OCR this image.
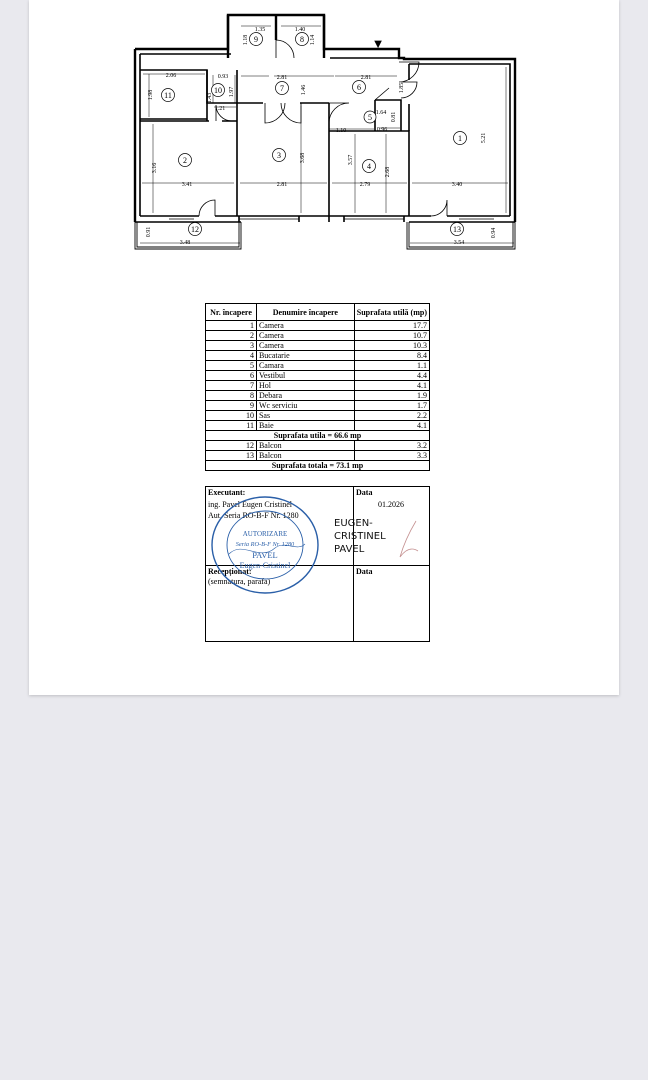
▼
1
2
3
4
5
6
7
8
9
10
11
12	13
1.35	1.40
2.06	0.93	2.81	2.81
1.21
1.64
1.10	0.96
3.41	2.81	2.79	3.40
3.48	3.54
1.18	1.14
1.98	1.43
1.97	1.46	1.85
0.81
5.21
3.16
3.68	3.57
2.68
0.91	0.94
Nr. încapere	Denumire încapere	Suprafata utilă (mp)
1	Camera	17.7
2	Camera	10.7
3	Camera	10.3
4	Bucatarie	8.4
5	Camara	1.1
6	Vestibul	4.4
7	Hol	4.1
8	Debara	1.9
9	Wc serviciu	1.7
10	Sas	2.2
11	Baie	4.1
Suprafata utila = 66.6 mp		
12	Balcon	3.2
13	Balcon	3.3
Suprafata totala = 73.1 mp		
Executant:	Data
ing. Pavel Eugen Cristinel
Aut. Seria RO-B-F Nr. 1280
01.2026
EUGEN-
CRISTINEL
PAVEL
Recepționat:	Data
(semnatura, parafa)
AUTORIZARE
Seria RO-B-F Nr. 1280
PAVEL
Eugen-Cristinel
